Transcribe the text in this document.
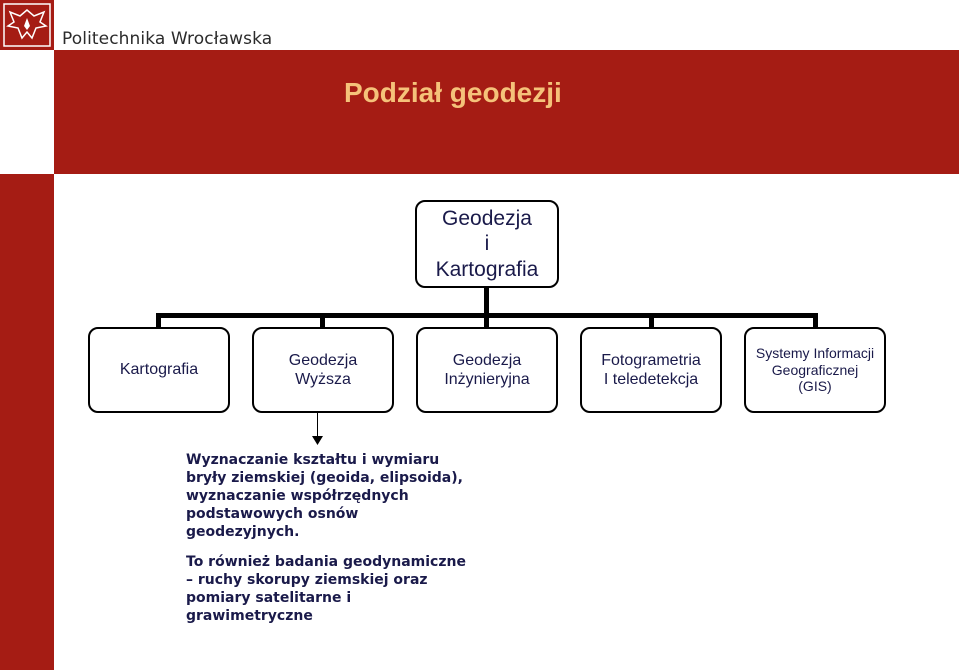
Politechnika Wrocławska
Podział geodezji
Geodezja
i
Kartografia
Kartografia
Geodezja
Wyższa
Geodezja
Inżynieryjna
Fotogrametria
I teledetekcja
Systemy Informacji
Geograficznej
(GIS)
Wyznaczanie kształtu i wymiaru
bryły ziemskiej (geoida, elipsoida),
wyznaczanie współrzędnych
podstawowych osnów
geodezyjnych.
To również badania geodynamiczne
– ruchy skorupy ziemskiej oraz
pomiary satelitarne i
grawimetryczne
